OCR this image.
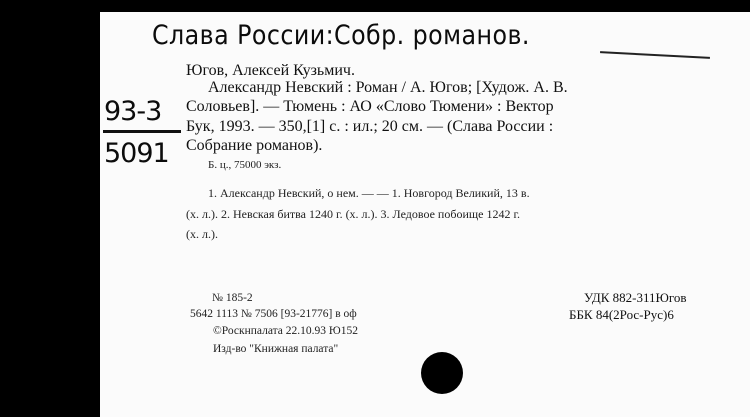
Слава России:Собр. романов.
93-3
5091
Югов, Алексей Кузьмич.
Александр Невский : Роман / А. Югов; [Худож. А. В.
Соловьев]. — Тюмень : АО «Слово Тюмени» : Вектор
Бук, 1993. — 350,[1] с. : ил.; 20 см. — (Слава России :
Собрание романов).
Б. ц., 75000 экз.
1. Александр Невский, о нем. — — 1. Новгород Великий, 13 в.
(х. л.). 2. Невская битва 1240 г. (х. л.). 3. Ледовое побоище 1242 г.
(х. л.).
№ 185-2
5642 1113 № 7506 [93-21776] в оф
©Роскнпалата 22.10.93 Ю152
Изд-во "Книжная палата"
УДК 882-311Югов
ББК 84(2Рос-Рус)6
